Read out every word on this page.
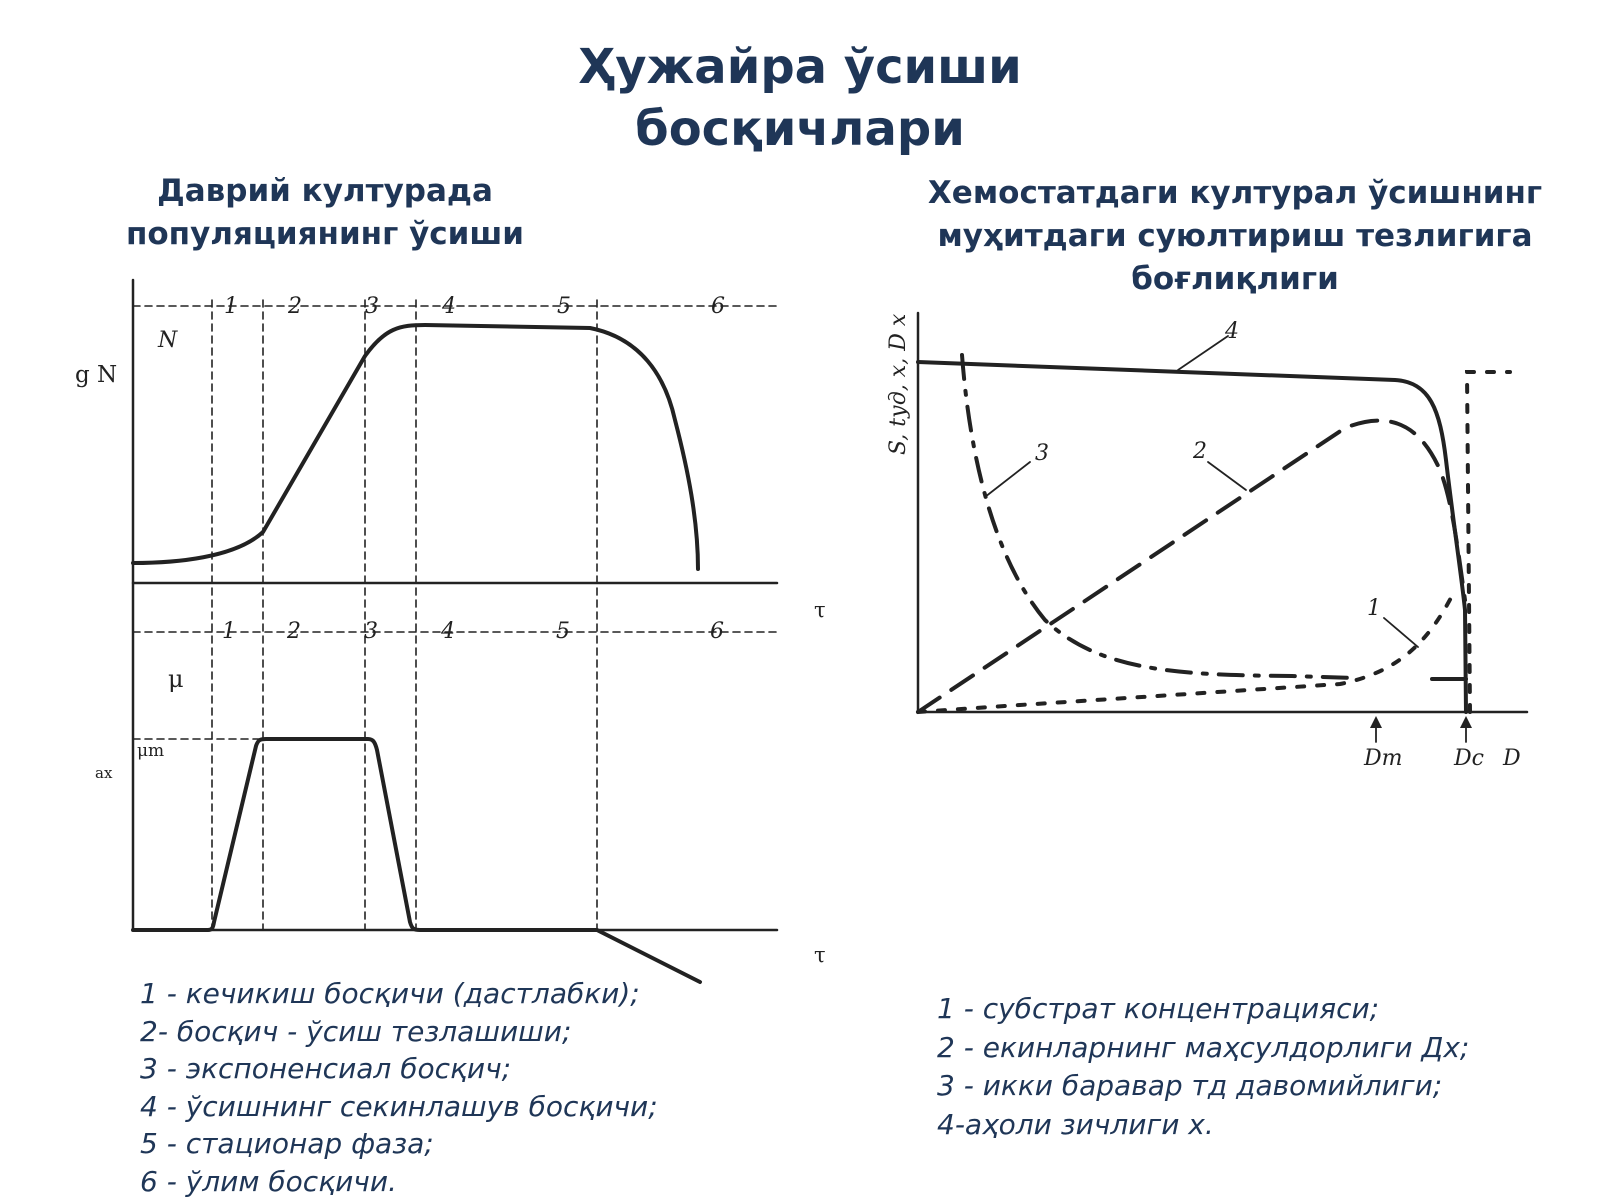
Ҳужайра ўсиши
босқичлари
Даврий културада
популяциянинг ўсиши
Хемостатдаги културал ўсишнинг
муҳитдаги суюлтириш тезлигига
боғлиқлиги
1 2	3	4	5	6
1 2	3	4	5	6
g N
N
μ
μm
ax
τ
τ
S, tуд, x, D x	4
3	2
1
Dm Dc D
1 - кечикиш босқичи (дастлабки);
2- босқич - ўсиш тезлашиши;
3 - экспоненсиал босқич;
4 - ўсишнинг секинлашув босқичи;
5 - стационар фаза;
6 - ўлим босқичи.
1 - субстрат концентрацияси;
2 - екинларнинг маҳсулдорлиги Дх;
3 - икки баравар тд давомийлиги;
4-аҳоли зичлиги х.
